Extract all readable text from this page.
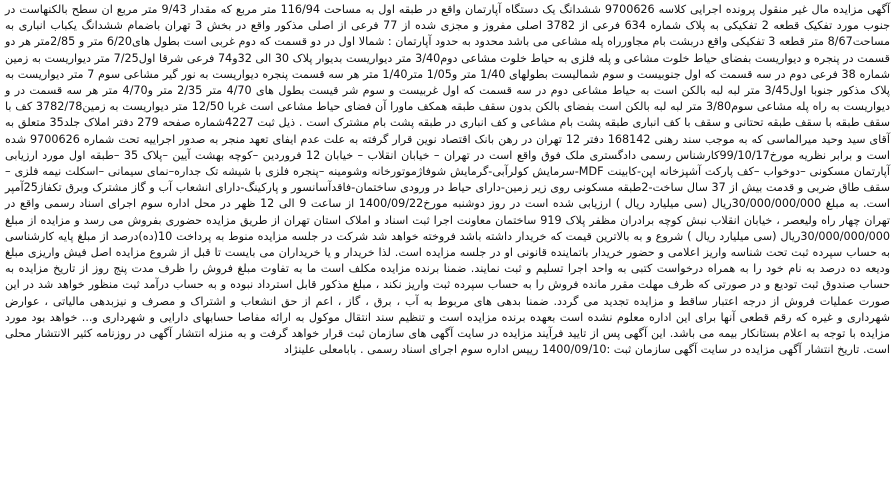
آگهی مزایده مال غیر منقول پرونده اجرایی کلاسه 9700626 ششدانگ یک دستگاه آپارتمان واقع در طبقه اول به مساحت 116/94 متر مربع که مقدار 9/43 متر مربع ان سطح بالکنهاست در جنوب مورد تفکیک قطعه 2 تفکیکی به پلاک شماره 634 فرعی از 3782 اصلی مفروز و مجزی شده از 77 فرعی از اصلی مذکور واقع در بخش 3 تهران باضمام ششدانگ یکباب انباری به مساحت8/67 متر قطعه 3 تفکیکی واقع دربشت بام مجاورراه پله مشاعی می باشد محدود به حدود آپارتمان : شمالا اول در دو قسمت که دوم غربی است بطول های6/20 متر و 2/85متر هر دو قسمت در پنجره و دیواریست بفضای حیاط خلوت مشاعی و پله فلزی به حیاط خلوت مشاعی دوم3/40 متر دیواریست بدیوار پلاک 30 الی 32و74 فرعی شرقا اول7/25 متر دیواریست به زمین شماره 38 فرعی دوم در سه قسمت که اول جنوبیست و سوم شمالیست بطولهای 1/40 متر و1/05 متر1/40 متر هر سه قسمت پنجره دیواریست به نور گیر مشاعی سوم 7 متر دیواریست به پلاک مذکور جنوبا اول3/45 متر لبه لبه بالکن است به حیاط مشاعی دوم در سه قسمت که اول غربیست و سوم شر قیست بطول های 4/70 متر 2/35 متر و4/70 متر هر سه قسمت در و دیواریست به راه پله مشاعی سوم3/80 متر لبه لبه بالکن است بفضای بالکن بدون سقف طبقه همکف ماورا آن فضای حیاط مشاعی است غربا 12/50 متر دیواریست به زمین3782/78 کف با سقف طبقه با سقف طبقه تحتانی و سقف با کف انباری طبقه پشت بام مشاعی و کف انباری در طبقه پشت بام مشترک است . ذیل ثبت 4227شماره صفحه 279 دفتر املاک جلد35 متعلق به آقای سید وحید میرالماسی که به موجب سند رهنی 168142 دفتر 12 تهران در رهن بانک اقتصاد نوین قرار گرفته به علت عدم ایفای تعهد منجر به صدور اجراییه تحت شماره 9700626 شده است و برابر نظریه مورخ99/10/17کارشناس رسمی دادگستری ملک فوق واقع است در تهران – خیابان انقلاب – خیابان 12 فروردین –کوچه بهشت آیین –پلاک 35 –طبقه اول مورد ارزیابی آپارتمان مسکونی –دوخواب –کف پارکت آشپزخانه اپن-کابینت MDF-سرمایش کولرآبی-گرمایش شوفاژموتورخانه وشومینه –پنجره فلزی با شیشه تک جداره–نمای سیمانی –اسکلت نیمه فلزی –سقف طاق ضربی و قدمت بیش از 37 سال ساخت-2طبقه مسکونی روی زیر زمین-دارای حیاط در ورودی ساختمان-فاقدآسانسور و پارکینگ-دارای انشعاب آب و گاز مشترک وبرق تکفاز25آمپر است. به مبلغ 30/000/000/000ریال (سی میلیارد ریال ) ارزیابی شده است در روز دوشنبه مورخ1400/09/22 از ساعت 9 الی 12 ظهر در محل اداره سوم اجرای اسناد رسمی واقع در تهران چهار راه ولیعصر ، خیابان انقلاب نبش کوچه برادران مظفر پلاک 919 ساختمان معاونت اجرا ثبت اسناد و املاک استان تهران از طریق مزایده حضوری بفروش می رسد و مزایده از مبلغ 30/000/000/000ریال (سی میلیارد ریال ) شروع و به بالاترین قیمت که خریدار داشته باشد فروخته خواهد شد شرکت در جلسه مزایده منوط به پرداخت 10(ده)درصد از مبلغ پایه کارشناسی به حساب سپرده ثبت تحت شناسه واریز اعلامی و حضور خریدار باتماینده قانونی او در جلسه مزایده است. لذا خریدار و یا خریداران می بایست تا قبل از شروع مزایده اصل فیش واریزی مبلغ ودیعه ده درصد به نام خود را به همراه درخواست کتبی به واحد اجرا تسلیم و ثبت نمایند. ضمنا برنده مزایده مکلف است ما به تفاوت مبلغ فروش را ظرف مدت پنج روز از تاریخ مزایده به حساب صندوق ثبت تودیع و در صورتی که ظرف مهلت مقرر مانده فروش را به حساب سپرده ثبت واریز نکند ، مبلغ مذکور قابل استرداد نبوده و به حساب درآمد ثبت منظور خواهد شد در این صورت عملیات فروش از درجه اعتبار ساقط و مزایده تجدید می گردد. ضمنا بدهی های مربوط به آب ، برق ، گاز ، اعم از حق انشعاب و اشتراک و مصرف و نیزبدهی مالیاتی ، عوارض شهرداری و غیره که رقم قطعی آنها برای این اداره معلوم نشده است بعهده برنده مزایده است و تنظیم سند انتقال موکول به ارائه مفاصا حسابهای دارایی و شهرداری و... خواهد بود مورد مزایده با توجه به اعلام بستانکار بیمه می باشد. این آگهی پس از تایید فرآیند مزایده در سایت آگهی های سازمان ثبت قرار خواهد گرفت و به منزله انتشار آگهی در روزنامه کثیر الانتشار محلی است. تاریخ انتشار آگهی مزایده در سایت آگهی سازمان ثبت :1400/09/10 رییس اداره سوم اجرای اسناد رسمی . بابامعلی علینژاد
